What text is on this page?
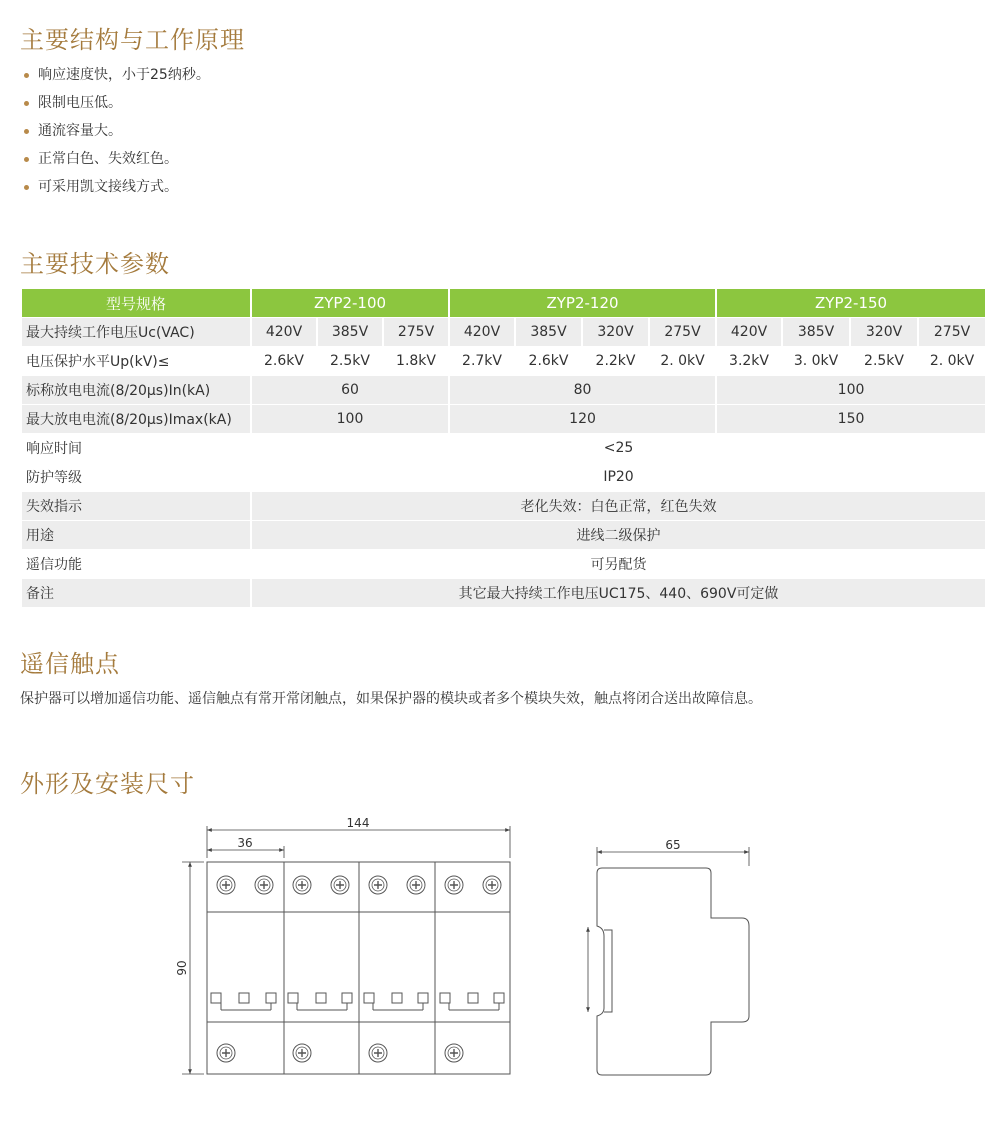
主要结构与工作原理
响应速度快，小于25纳秒。
限制电压低。
通流容量大。
正常白色、失效红色。
可采用凯文接线方式。
主要技术参数
型号规格	ZYP2-100			ZYP2-120				ZYP2-150			
最大持续工作电压Uc(VAC)	420V	385V	275V	420V	385V	320V	275V	420V	385V	320V	275V
电压保护水平Up(kV)≤	2.6kV	2.5kV	1.8kV	2.7kV	2.6kV	2.2kV	2. 0kV	3.2kV	3. 0kV	2.5kV	2. 0kV
标称放电电流(8/20μs)In(kA)	60			80				100			
最大放电电流(8/20μs)Imax(kA)	100			120				150			
响应时间	<25										
防护等级	IP20										
失效指示	老化失效：白色正常，红色失效										
用途	进线二级保护										
遥信功能	可另配货										
备注	其它最大持续工作电压UC175、440、690V可定做										
遥信触点

保护器可以增加遥信功能、遥信触点有常开常闭触点，如果保护器的模块或者多个模块失效，触点将闭合送出故障信息。

外形及安装尺寸
144
36
90
65
